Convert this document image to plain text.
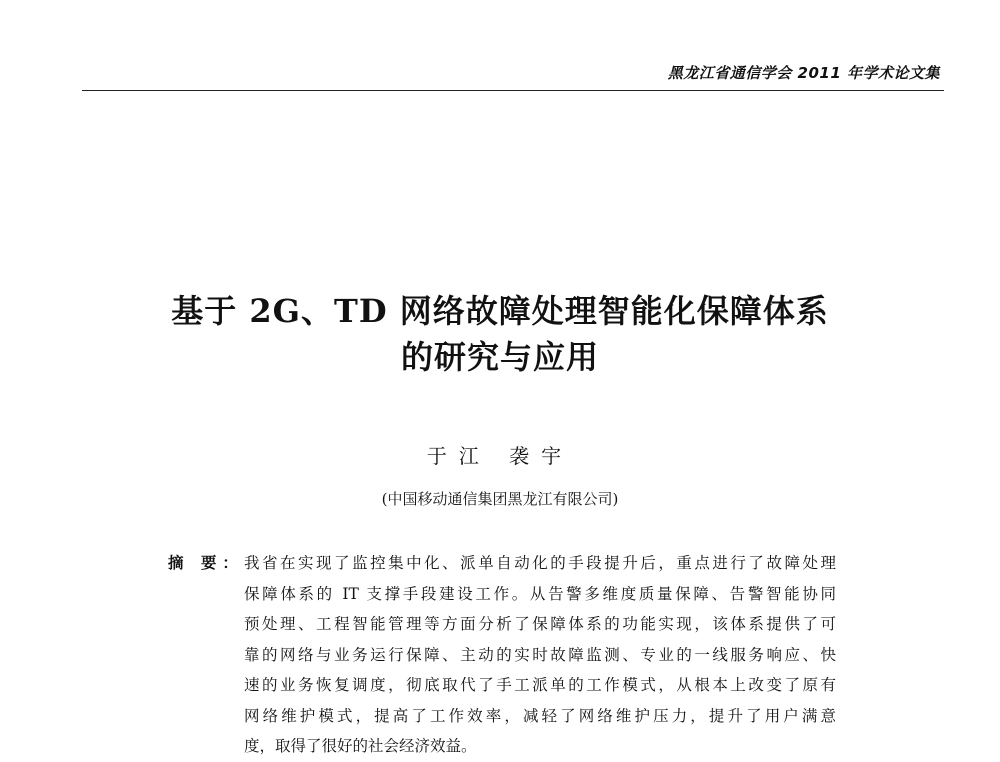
黑龙江省通信学会 2011 年学术论文集
基于 2G、TD 网络故障处理智能化保障体系
的研究与应用
于江 袭宇
(中国移动通信集团黑龙江有限公司)
摘 要： 我省在实现了监控集中化、派单自动化的手段提升后，重点进行了故障处理
保障体系的 IT 支撑手段建设工作。从告警多维度质量保障、告警智能协同
预处理、工程智能管理等方面分析了保障体系的功能实现，该体系提供了可
靠的网络与业务运行保障、主动的实时故障监测、专业的一线服务响应、快
速的业务恢复调度，彻底取代了手工派单的工作模式，从根本上改变了原有
网络维护模式，提高了工作效率，减轻了网络维护压力，提升了用户满意
度，取得了很好的社会经济效益。
